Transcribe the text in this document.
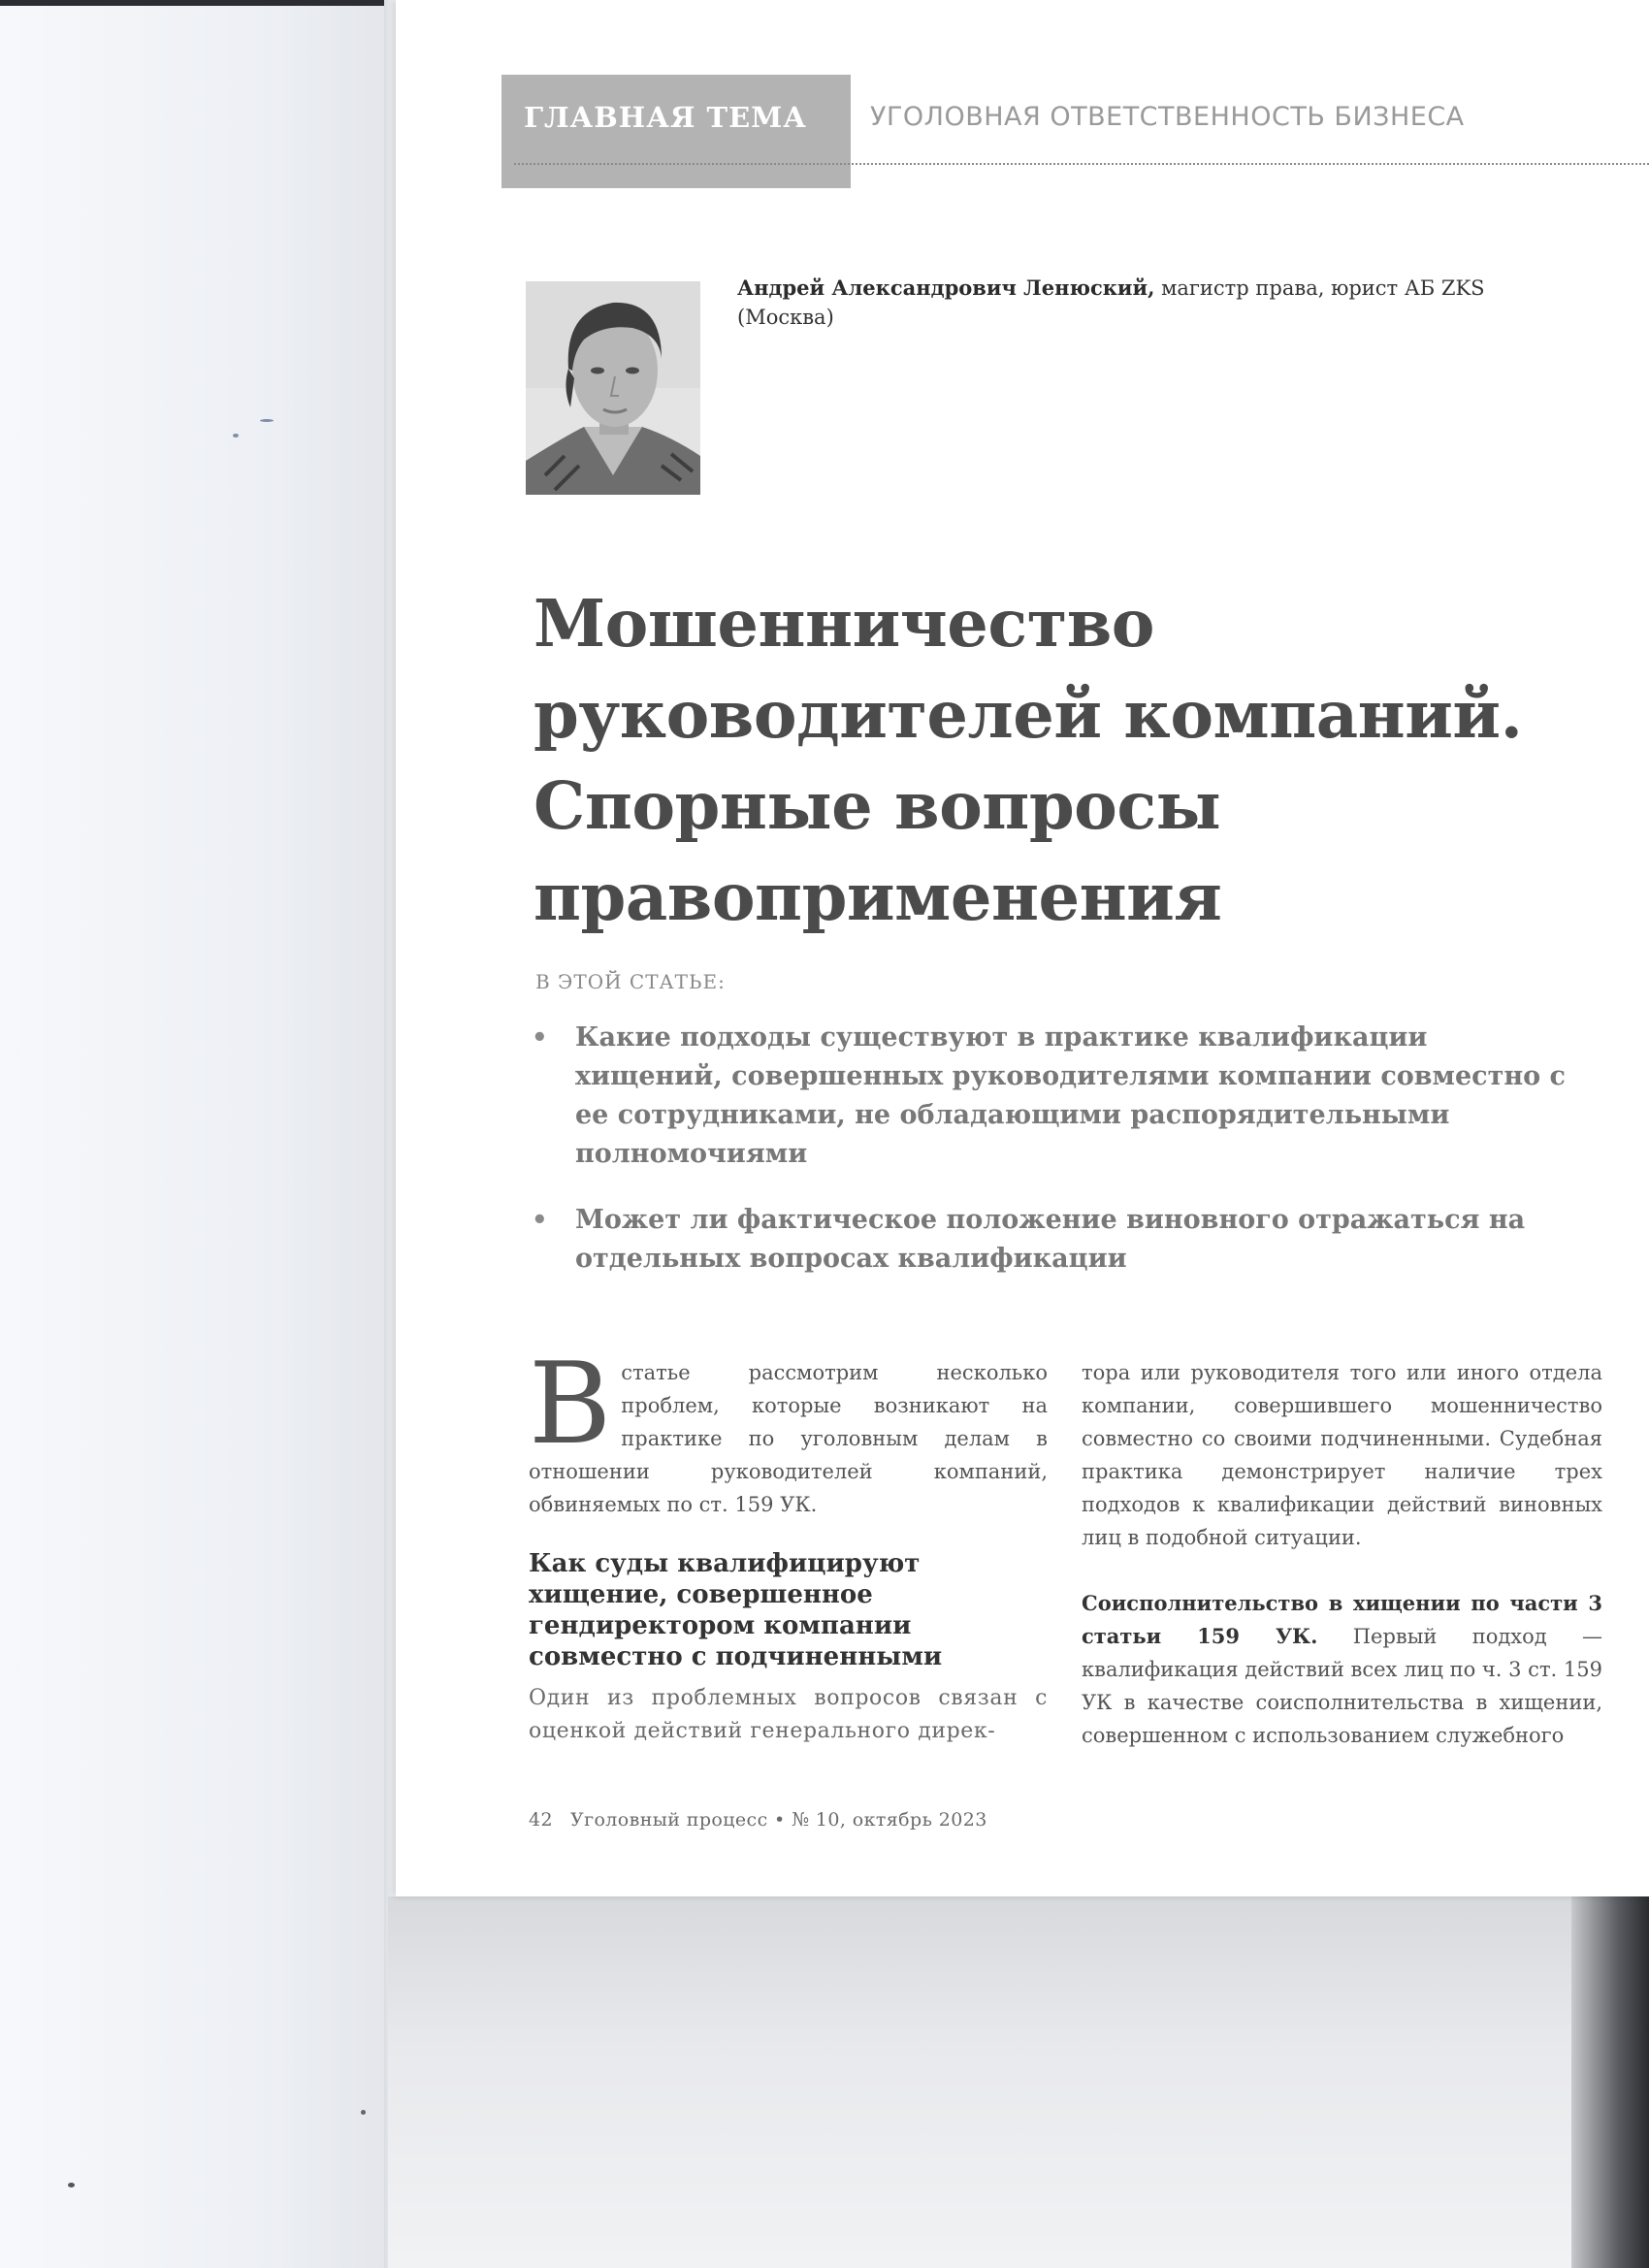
ГЛАВНАЯ ТЕМА УГОЛОВНАЯ ОТВЕТСТВЕННОСТЬ БИЗНЕСА
Андрей Александрович Ленюский, магистр права, юрист АБ ZKS (Москва)
Мошенничество
руководителей компаний.
Спорные вопросы
правоприменения
В ЭТОЙ СТАТЬЕ:
• Какие подходы существуют в практике квалификации хищений, совершенных руководителями компании совместно с ее сотрудниками, не обладающими распорядительными полномочиями
• Может ли фактическое положение виновного отражаться на отдельных вопросах квалификации

В статье рассмотрим несколько проблем, которые возникают на практике по уголовным делам в отношении руководителей компаний, обвиняемых по ст. 159 УК.

Как суды квалифицируют хищение, совершенное гендиректором компании совместно с подчиненными

Один из проблемных вопросов связан с оценкой действий генерального дирек-

тора или руководителя того или иного отдела компании, совершившего мошенничество совместно со своими подчиненными. Судебная практика демонстрирует наличие трех подходов к квалификации действий виновных лиц в подобной ситуации.

Соисполнительство в хищении по части 3 статьи 159 УК. Первый подход — квалификация действий всех лиц по ч. 3 ст. 159 УК в качестве соисполнительства в хищении, совершенном с использованием служебного

42 Уголовный процесс • № 10, октябрь 2023
